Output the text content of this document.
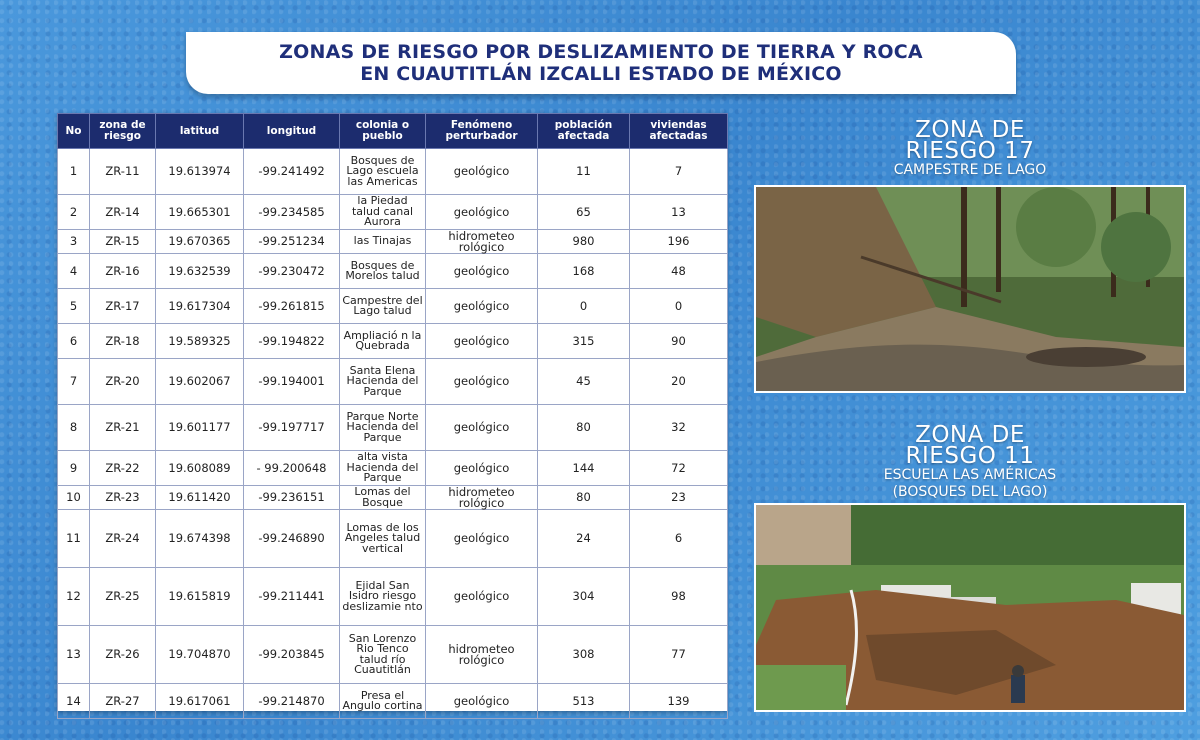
ZONAS DE RIESGO POR DESLIZAMIENTO DE TIERRA Y ROCA
EN CUAUTITLÁN IZCALLI ESTADO DE MÉXICO
No	zona de riesgo	latitud	longitud	colonia o pueblo	Fenómeno perturbador	población afectada	viviendas afectadas
1	ZR-11	19.613974	-99.241492	Bosques de Lago escuela las Americas	geológico	11	7
2	ZR-14	19.665301	-99.234585	la Piedad talud canal Aurora	geológico	65	13
3	ZR-15	19.670365	-99.251234	las Tinajas	hidrometeo rológico	980	196
4	ZR-16	19.632539	-99.230472	Bosques de Morelos talud	geológico	168	48
5	ZR-17	19.617304	-99.261815	Campestre del Lago talud	geológico	0	0
6	ZR-18	19.589325	-99.194822	Ampliació n la Quebrada	geológico	315	90
7	ZR-20	19.602067	-99.194001	Santa Elena Hacienda del Parque	geológico	45	20
8	ZR-21	19.601177	-99.197717	Parque Norte Hacienda del Parque	geológico	80	32
9	ZR-22	19.608089	- 99.200648	alta vista Hacienda del Parque	geológico	144	72
10	ZR-23	19.611420	-99.236151	Lomas del Bosque	hidrometeo rológico	80	23
11	ZR-24	19.674398	-99.246890	Lomas de los Angeles talud vertical	geológico	24	6
12	ZR-25	19.615819	-99.211441	Ejidal San Isidro riesgo deslizamie nto	geológico	304	98
13	ZR-26	19.704870	-99.203845	San Lorenzo Rio Tenco talud río Cuautitlán	hidrometeo rológico	308	77
14	ZR-27	19.617061	-99.214870	Presa el Angulo cortina	geológico	513	139
ZONA DE
RIESGO 17
CAMPESTRE DE LAGO
ZONA DE
RIESGO 11
ESCUELA LAS AMÉRICAS
(BOSQUES DEL LAGO)
